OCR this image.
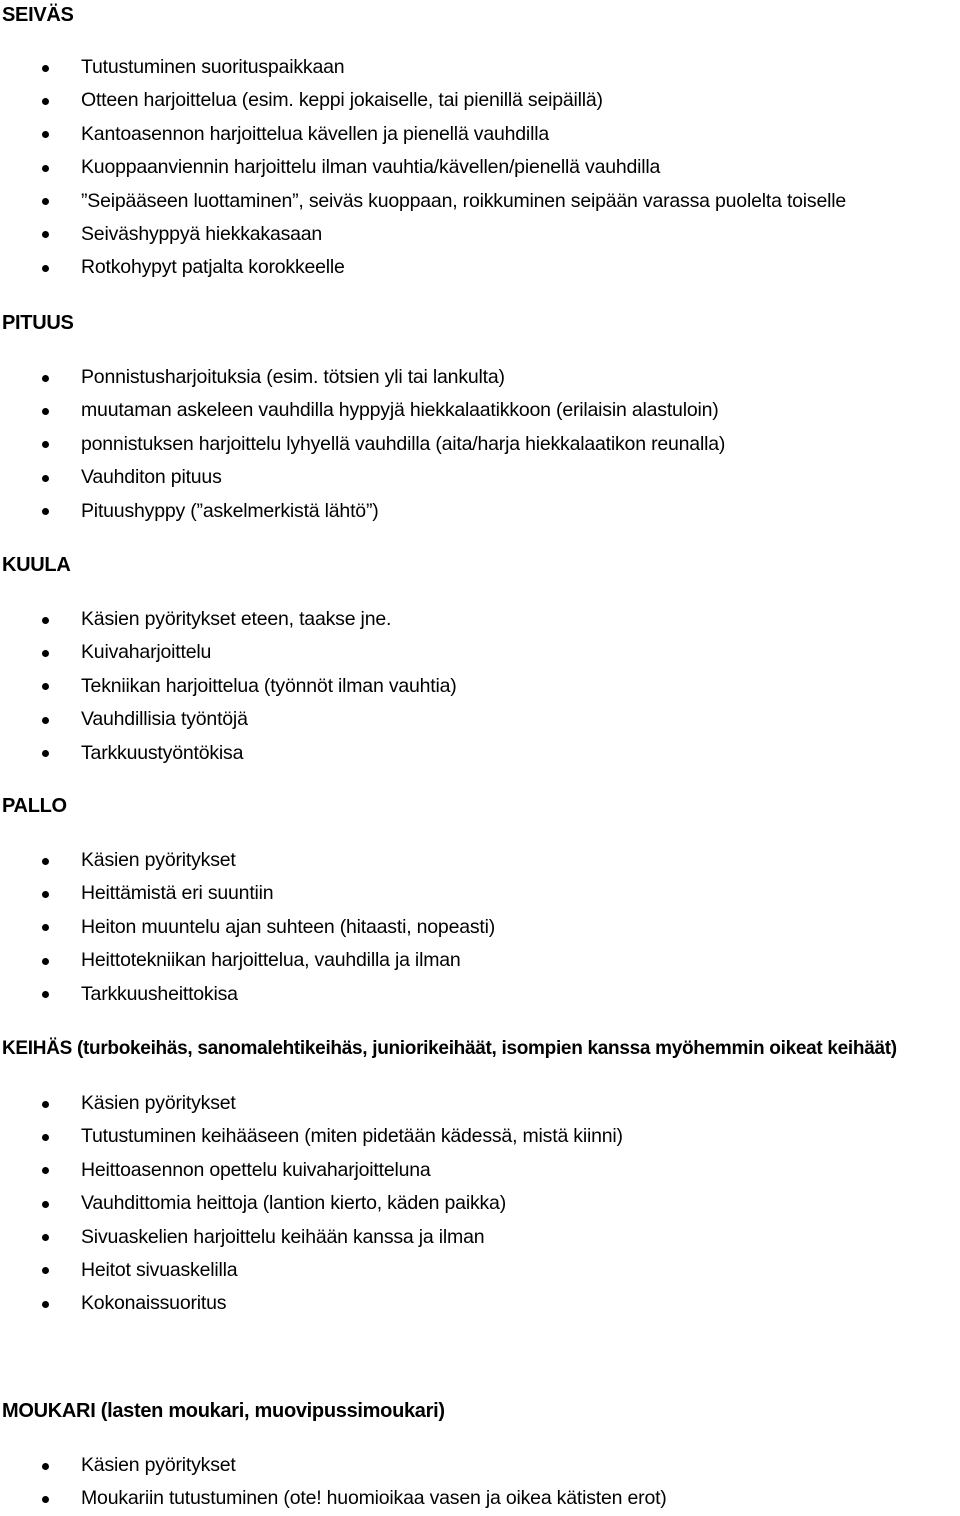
SEIVÄS
Tutustuminen suorituspaikkaan
Otteen harjoittelua (esim. keppi jokaiselle, tai pienillä seipäillä)
Kantoasennon harjoittelua kävellen ja pienellä vauhdilla
Kuoppaanviennin harjoittelu ilman vauhtia/kävellen/pienellä vauhdilla
”Seipääseen luottaminen”, seiväs kuoppaan, roikkuminen seipään varassa puolelta toiselle
Seiväshyppyä hiekkakasaan
Rotkohypyt patjalta korokkeelle
PITUUS
Ponnistusharjoituksia (esim. tötsien yli tai lankulta)
muutaman askeleen vauhdilla hyppyjä hiekkalaatikkoon (erilaisin alastuloin)
ponnistuksen harjoittelu lyhyellä vauhdilla (aita/harja hiekkalaatikon reunalla)
Vauhditon pituus
Pituushyppy (”askelmerkistä lähtö”)
KUULA
Käsien pyöritykset eteen, taakse jne.
Kuivaharjoittelu
Tekniikan harjoittelua (työnnöt ilman vauhtia)
Vauhdillisia työntöjä
Tarkkuustyöntökisa
PALLO
Käsien pyöritykset
Heittämistä eri suuntiin
Heiton muuntelu ajan suhteen (hitaasti, nopeasti)
Heittotekniikan harjoittelua, vauhdilla ja ilman
Tarkkuusheittokisa
KEIHÄS (turbokeihäs, sanomalehtikeihäs, juniorikeihäät, isompien kanssa myöhemmin oikeat keihäät)
Käsien pyöritykset
Tutustuminen keihääseen (miten pidetään kädessä, mistä kiinni)
Heittoasennon opettelu kuivaharjoitteluna
Vauhdittomia heittoja (lantion kierto, käden paikka)
Sivuaskelien harjoittelu keihään kanssa ja ilman
Heitot sivuaskelilla
Kokonaissuoritus
MOUKARI (lasten moukari, muovipussimoukari)
Käsien pyöritykset
Moukariin tutustuminen (ote! huomioikaa vasen ja oikea kätisten erot)
